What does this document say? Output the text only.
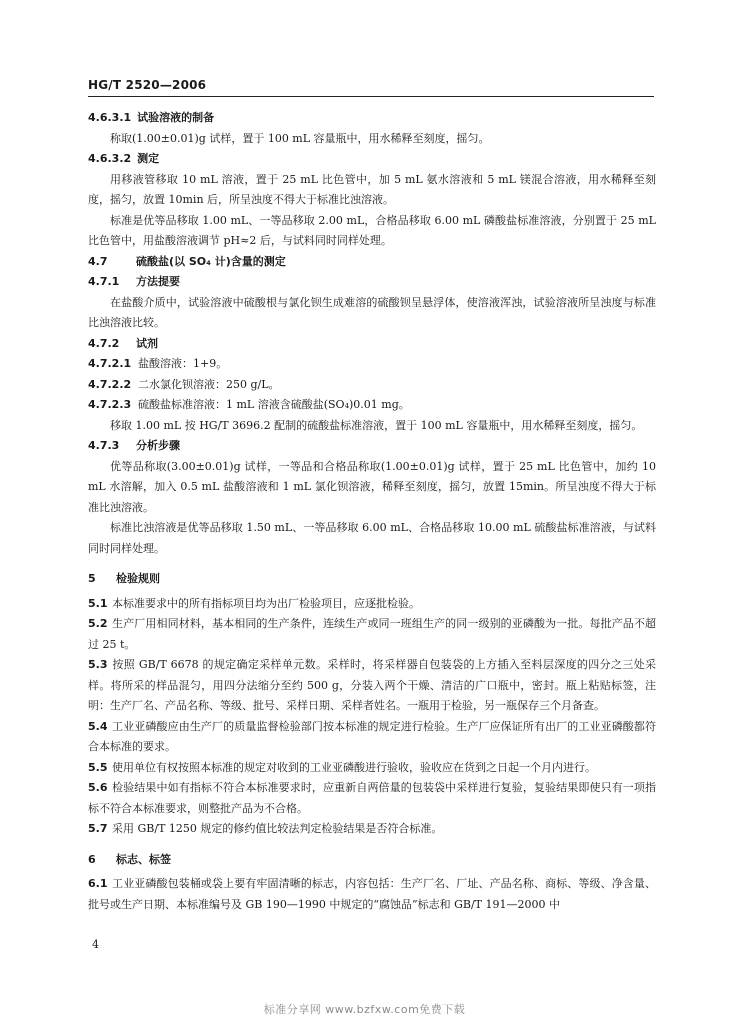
HG/T 2520—2006
4.6.3.1 试验溶液的制备
称取(1.00±0.01)g 试样，置于 100 mL 容量瓶中，用水稀释至刻度，摇匀。
4.6.3.2 测定
用移液管移取 10 mL 溶液，置于 25 mL 比色管中，加 5 mL 氨水溶液和 5 mL 镁混合溶液，用水稀释至刻度，摇匀，放置 10min 后，所呈浊度不得大于标准比浊溶液。
标准是优等品移取 1.00 mL、一等品移取 2.00 mL，合格品移取 6.00 mL 磷酸盐标准溶液，分别置于 25 mL 比色管中，用盐酸溶液调节 pH≈2 后，与试料同时同样处理。
4.7	硫酸盐(以 SO₄ 计)含量的测定
4.7.1 方法提要
在盐酸介质中，试验溶液中硫酸根与氯化钡生成难溶的硫酸钡呈悬浮体，使溶液浑浊，试验溶液所呈浊度与标准比浊溶液比较。
4.7.2 试剂
4.7.2.1 盐酸溶液：1+9。
4.7.2.2 二水氯化钡溶液：250 g/L。
4.7.2.3 硫酸盐标准溶液：1 mL 溶液含硫酸盐(SO₄)0.01 mg。
移取 1.00 mL 按 HG/T 3696.2 配制的硫酸盐标准溶液，置于 100 mL 容量瓶中，用水稀释至刻度，摇匀。
4.7.3 分析步骤
优等品称取(3.00±0.01)g 试样，一等品和合格品称取(1.00±0.01)g 试样，置于 25 mL 比色管中，加约 10 mL 水溶解，加入 0.5 mL 盐酸溶液和 1 mL 氯化钡溶液，稀释至刻度，摇匀，放置 15min。所呈浊度不得大于标准比浊溶液。
标准比浊溶液是优等品移取 1.50 mL、一等品移取 6.00 mL、合格品移取 10.00 mL 硫酸盐标准溶液，与试料同时同样处理。
5 检验规则
5.1 本标准要求中的所有指标项目均为出厂检验项目，应逐批检验。
5.2 生产厂用相同材料，基本相同的生产条件，连续生产或同一班组生产的同一级别的亚磷酸为一批。每批产品不超过 25 t。
5.3 按照 GB/T 6678 的规定确定采样单元数。采样时，将采样器自包装袋的上方插入至料层深度的四分之三处采样。将所采的样品混匀，用四分法缩分至约 500 g，分装入两个干燥、清洁的广口瓶中，密封。瓶上粘贴标签，注明：生产厂名、产品名称、等级、批号、采样日期、采样者姓名。一瓶用于检验，另一瓶保存三个月备查。
5.4 工业亚磷酸应由生产厂的质量监督检验部门按本标准的规定进行检验。生产厂应保证所有出厂的工业亚磷酸都符合本标准的要求。
5.5 使用单位有权按照本标准的规定对收到的工业亚磷酸进行验收，验收应在货到之日起一个月内进行。
5.6 检验结果中如有指标不符合本标准要求时，应重新自两倍量的包装袋中采样进行复验，复验结果即使只有一项指标不符合本标准要求，则整批产品为不合格。
5.7 采用 GB/T 1250 规定的修约值比较法判定检验结果是否符合标准。
6 标志、标签
6.1 工业亚磷酸包装桶或袋上要有牢固清晰的标志，内容包括：生产厂名、厂址、产品名称、商标、等级、净含量、批号或生产日期、本标准编号及 GB 190—1990 中规定的“腐蚀品”标志和 GB/T 191—2000 中
4
标准分享网 www.bzfxw.com免费下载
